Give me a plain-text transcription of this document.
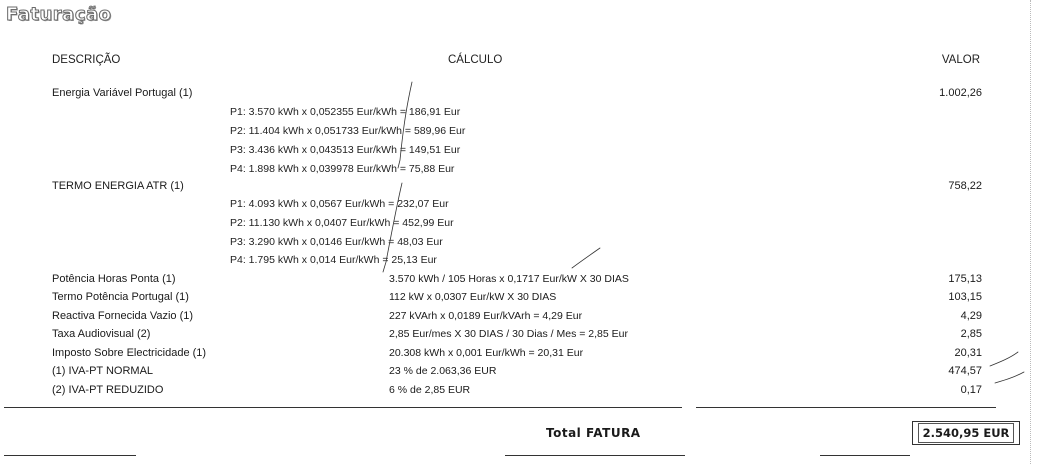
Faturação
DESCRIÇÃO	CÁLCULO	VALOR
Energia Variável Portugal (1)	1.002,26
P1: 3.570 kWh x 0,052355 Eur/kWh = 186,91 Eur
P2: 11.404 kWh x 0,051733 Eur/kWh = 589,96 Eur
P3: 3.436 kWh x 0,043513 Eur/kWh = 149,51 Eur
P4: 1.898 kWh x 0,039978 Eur/kWh = 75,88 Eur
TERMO ENERGIA ATR (1)	758,22
P1: 4.093 kWh x 0,0567 Eur/kWh = 232,07 Eur
P2: 11.130 kWh x 0,0407 Eur/kWh = 452,99 Eur
P3: 3.290 kWh x 0,0146 Eur/kWh = 48,03 Eur
P4: 1.795 kWh x 0,014 Eur/kWh = 25,13 Eur
Potência Horas Ponta (1)	3.570 kWh / 105 Horas x 0,1717 Eur/kW X 30 DIAS	175,13
Termo Potência Portugal (1)	112 kW x 0,0307 Eur/kW X 30 DIAS	103,15
Reactiva Fornecida Vazio (1)	227 kVArh x 0,0189 Eur/kVArh = 4,29 Eur	4,29
Taxa Audiovisual (2)	2,85 Eur/mes X 30 DIAS / 30 Dias / Mes = 2,85 Eur	2,85
Imposto Sobre Electricidade (1)	20.308 kWh x 0,001 Eur/kWh = 20,31 Eur	20,31
(1) IVA-PT NORMAL	23 % de 2.063,36 EUR	474,57
(2) IVA-PT REDUZIDO	6 % de 2,85 EUR	0,17
Total FATURA	2.540,95 EUR
